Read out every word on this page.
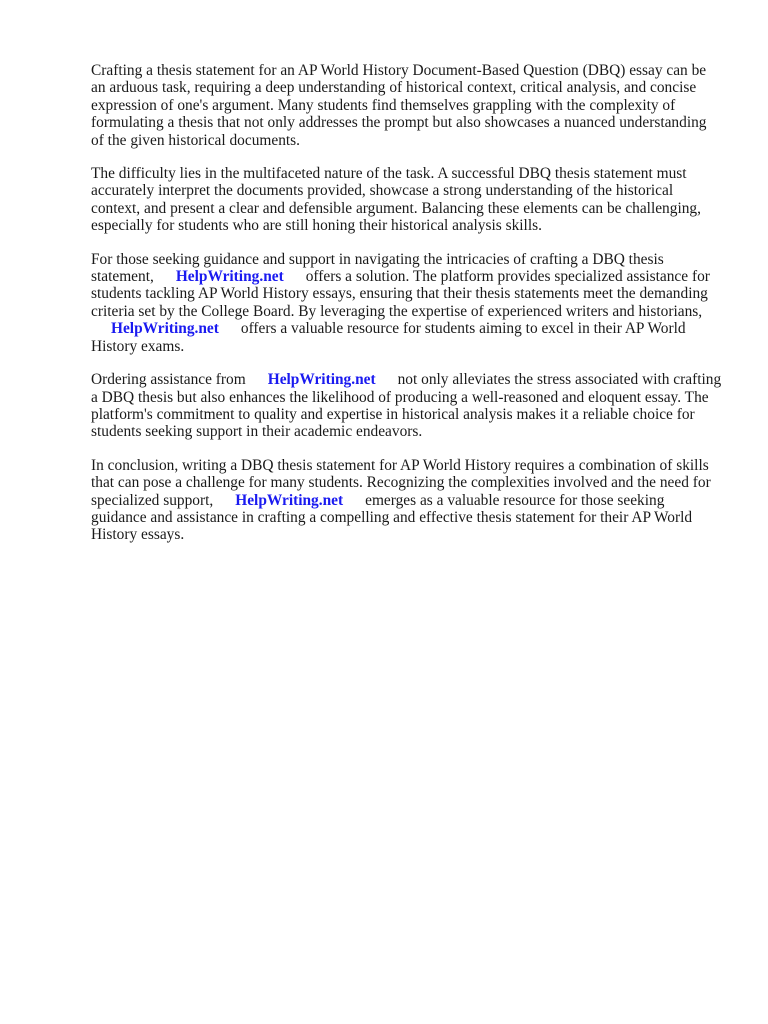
Crafting a thesis statement for an AP World History Document-Based Question (DBQ) essay can be an arduous task, requiring a deep understanding of historical context, critical analysis, and concise expression of one's argument. Many students find themselves grappling with the complexity of formulating a thesis that not only addresses the prompt but also showcases a nuanced understanding of the given historical documents.

The difficulty lies in the multifaceted nature of the task. A successful DBQ thesis statement must accurately interpret the documents provided, showcase a strong understanding of the historical context, and present a clear and defensible argument. Balancing these elements can be challenging, especially for students who are still honing their historical analysis skills.

For those seeking guidance and support in navigating the intricacies of crafting a DBQ thesis statement, HelpWriting.net offers a solution. The platform provides specialized assistance for students tackling AP World History essays, ensuring that their thesis statements meet the demanding criteria set by the College Board. By leveraging the expertise of experienced writers and historians,
HelpWriting.net offers a valuable resource for students aiming to excel in their AP World History exams.

Ordering assistance from HelpWriting.net not only alleviates the stress associated with crafting a DBQ thesis but also enhances the likelihood of producing a well-reasoned and eloquent essay. The platform's commitment to quality and expertise in historical analysis makes it a reliable choice for students seeking support in their academic endeavors.

In conclusion, writing a DBQ thesis statement for AP World History requires a combination of skills that can pose a challenge for many students. Recognizing the complexities involved and the need for specialized support, HelpWriting.net emerges as a valuable resource for those seeking guidance and assistance in crafting a compelling and effective thesis statement for their AP World History essays.
